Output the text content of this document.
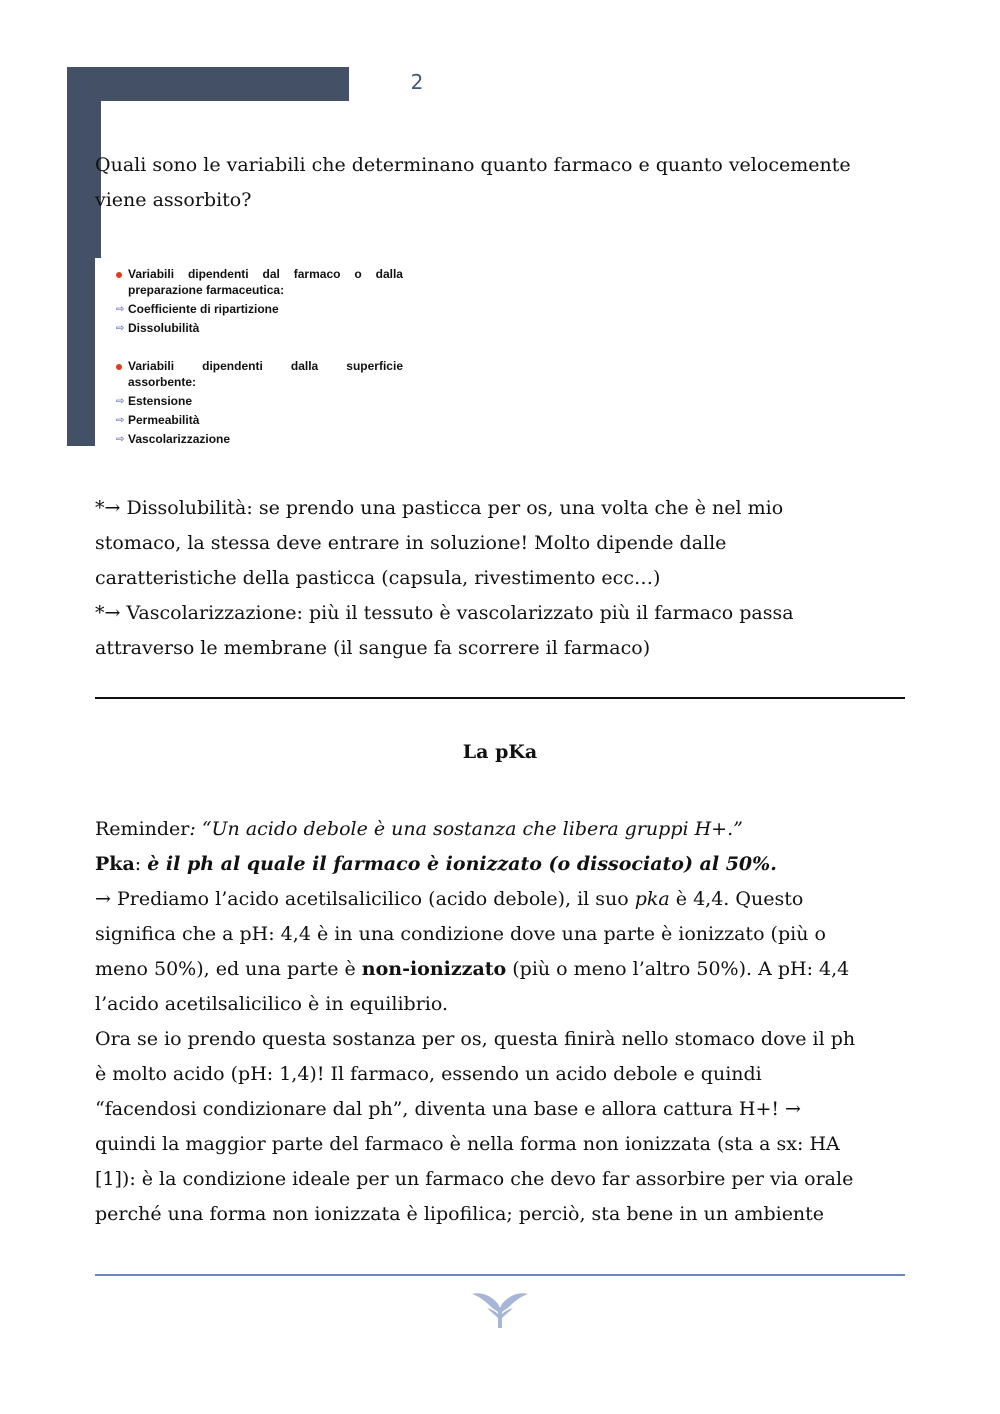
2

Quali sono le variabili che determinano quanto farmaco e quanto velocemente
viene assorbito?

Variabili dipendenti dal farmaco o dalla
preparazione farmaceutica:
⇨ Coefficiente di ripartizione
⇨ Dissolubilità
Variabili dipendenti dalla superficie
assorbente:
⇨ Estensione
⇨ Permeabilità
⇨ Vascolarizzazione

*→ Dissolubilità: se prendo una pasticca per os, una volta che è nel mio
stomaco, la stessa deve entrare in soluzione! Molto dipende dalle
caratteristiche della pasticca (capsula, rivestimento ecc…)
*→ Vascolarizzazione: più il tessuto è vascolarizzato più il farmaco passa
attraverso le membrane (il sangue fa scorrere il farmaco)

La pKa

Reminder: “Un acido debole è una sostanza che libera gruppi H+.”
Pka: è il ph al quale il farmaco è ionizzato (o dissociato) al 50%.
→ Prediamo l’acido acetilsalicilico (acido debole), il suo pka è 4,4. Questo
significa che a pH: 4,4 è in una condizione dove una parte è ionizzato (più o
meno 50%), ed una parte è non-ionizzato (più o meno l’altro 50%). A pH: 4,4
l’acido acetilsalicilico è in equilibrio.
Ora se io prendo questa sostanza per os, questa finirà nello stomaco dove il ph
è molto acido (pH: 1,4)! Il farmaco, essendo un acido debole e quindi
“facendosi condizionare dal ph”, diventa una base e allora cattura H+! →
quindi la maggior parte del farmaco è nella forma non ionizzata (sta a sx: HA
[1]): è la condizione ideale per un farmaco che devo far assorbire per via orale
perché una forma non ionizzata è lipofilica; perciò, sta bene in un ambiente
